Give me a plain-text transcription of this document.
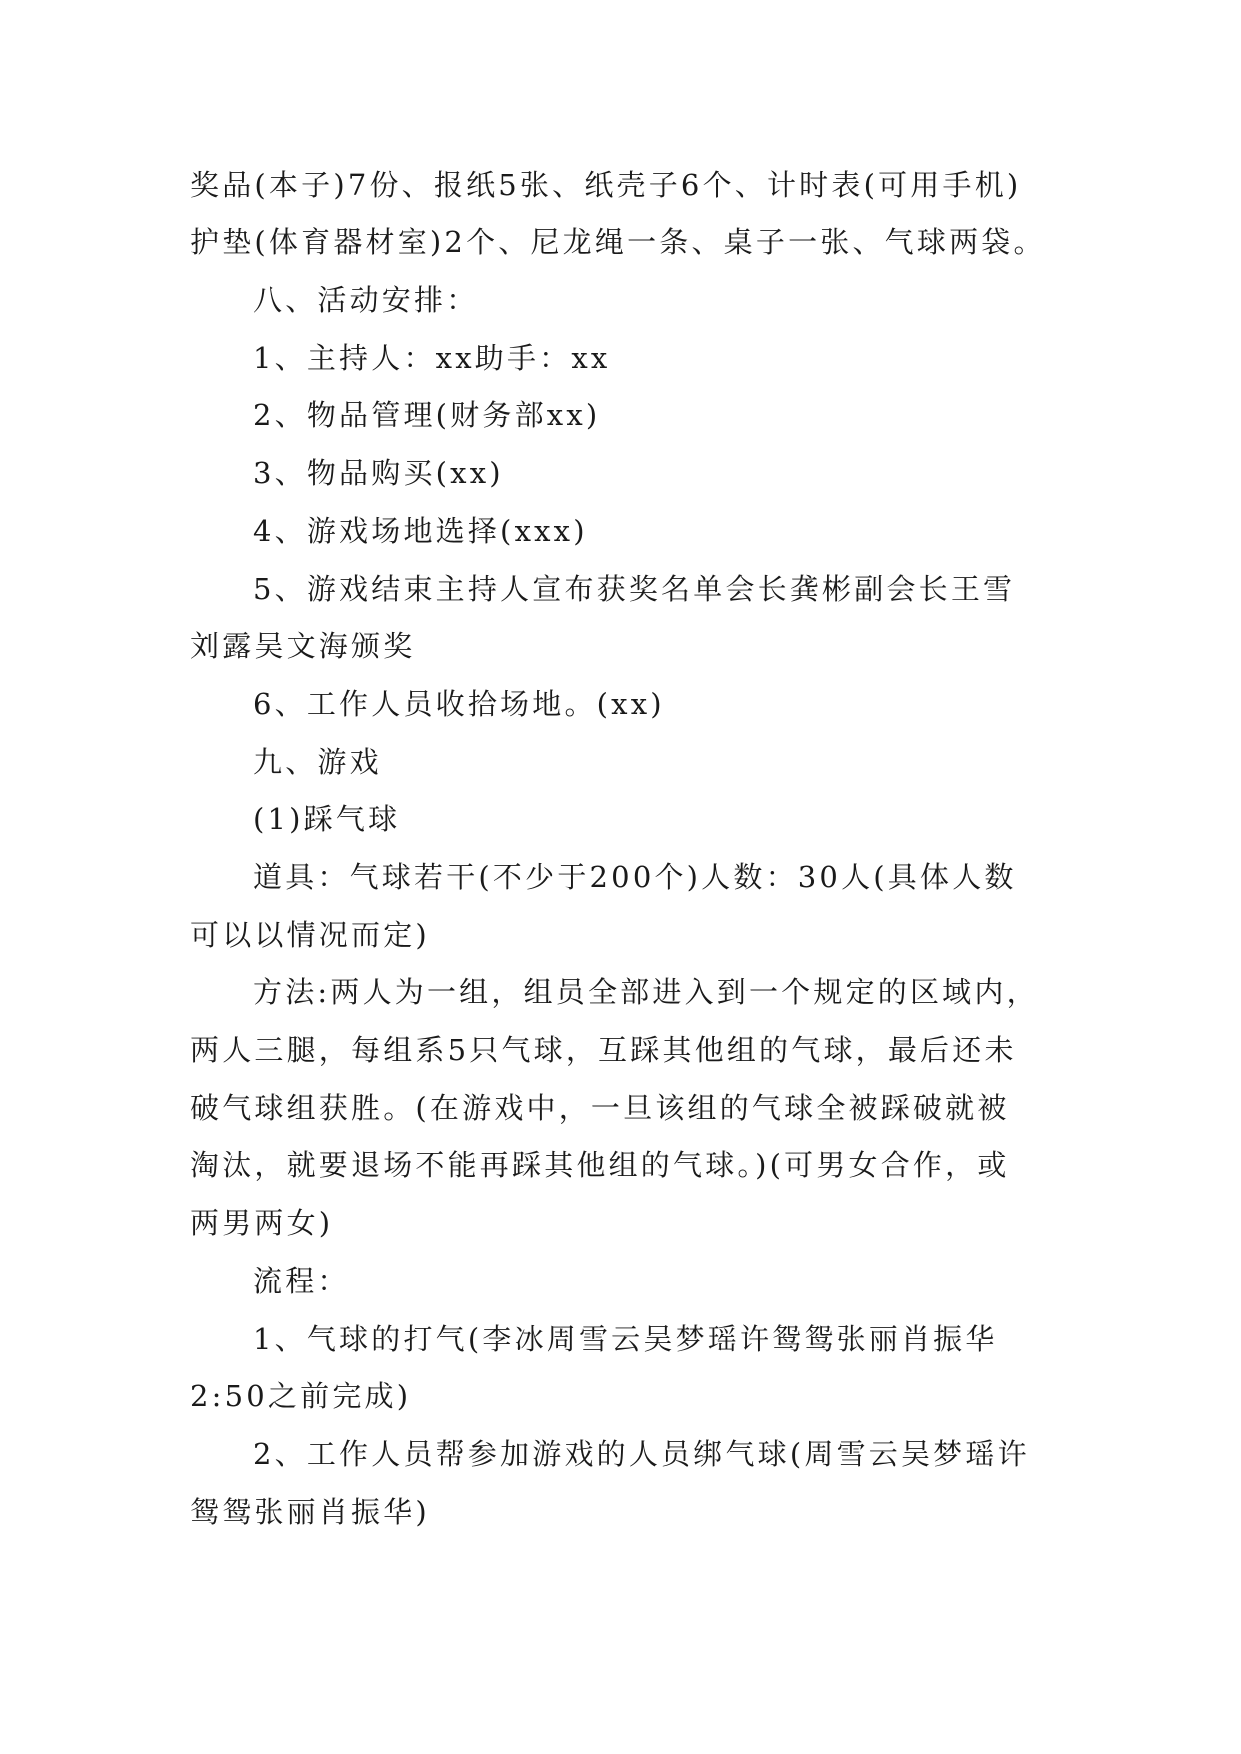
奖品(本子)7份、报纸5张、纸壳子6个、计时表(可用手机)
护垫(体育器材室)2个、尼龙绳一条、桌子一张、气球两袋。
八、活动安排：
1、主持人：xx助手：xx
2、物品管理(财务部xx)
3、物品购买(xx)
4、游戏场地选择(xxx)
5、游戏结束主持人宣布获奖名单会长龚彬副会长王雪
刘露吴文海颁奖
6、工作人员收拾场地。(xx)
九、游戏
(1)踩气球
道具：气球若干(不少于200个)人数：30人(具体人数
可以以情况而定)
方法:两人为一组，组员全部进入到一个规定的区域内，
两人三腿，每组系5只气球，互踩其他组的气球，最后还未
破气球组获胜。(在游戏中，一旦该组的气球全被踩破就被
淘汰，就要退场不能再踩其他组的气球。)(可男女合作，或
两男两女)
流程：
1、气球的打气(李冰周雪云吴梦瑶许鸳鸳张丽肖振华
2:50之前完成)
2、工作人员帮参加游戏的人员绑气球(周雪云吴梦瑶许
鸳鸳张丽肖振华)
